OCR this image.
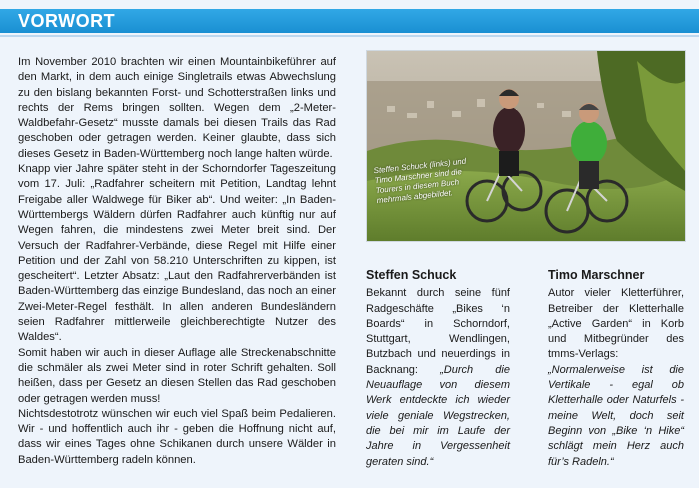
VORWORT

Im November 2010 brachten wir einen Mountainbikeführer auf den Markt, in dem auch einige Singletrails etwas Abwechslung zu den bislang bekannten Forst- und Schotterstraßen links und rechts der Rems bringen sollten. Wegen dem „2-Meter-Waldbefahr-Gesetz“ musste damals bei diesen Trails das Rad geschoben oder getragen werden. Keiner glaubte, dass sich dieses Gesetz in Baden-Württemberg noch lange halten würde.

Knapp vier Jahre später steht in der Schorndorfer Tageszeitung vom 17. Juli: „Radfahrer scheitern mit Petition, Landtag lehnt Freigabe aller Waldwege für Biker ab“. Und weiter: „In Baden-Württembergs Wäldern dürfen Radfahrer auch künftig nur auf Wegen fahren, die mindestens zwei Meter breit sind. Der Versuch der Radfahrer-Verbände, diese Regel mit Hilfe einer Petition und der Zahl von 58.210 Unterschriften zu kippen, ist gescheitert“. Letzter Absatz: „Laut den Radfahrerverbänden ist Baden-Württemberg das einzige Bundesland, das noch an einer Zwei-Meter-Regel festhält. In allen anderen Bundesländern seien Radfahrer mittlerweile gleichberechtigte Nutzer des Waldes“.

Somit haben wir auch in dieser Auflage alle Streckenabschnitte die schmäler als zwei Meter sind in roter Schrift gehalten. Soll heißen, dass per Gesetz an diesen Stellen das Rad geschoben oder getragen werden muss!

Nichtsdestotrotz wünschen wir euch viel Spaß beim Pedalieren. Wir - und hoffentlich auch ihr - geben die Hoffnung nicht auf, dass wir eines Tages ohne Schikanen durch unsere Wälder in Baden-Württemberg radeln können.

Steffen Schuck (links) und Timo Marschner sind die Tourers in diesem Buch mehrmals abgebildet.
Steffen Schuck
Bekannt durch seine fünf Radgeschäfte „Bikes ‘n Boards“ in Schorndorf, Stuttgart, Wendlingen, Butzbach und neuerdings in Backnang: „Durch die Neuauflage von diesem Werk entdeckte ich wieder viele geniale Wegstrecken, die bei mir im Laufe der Jahre in Vergessenheit geraten sind.“
Timo Marschner
Autor vieler Kletterführer, Betreiber der Kletterhalle „Active Garden“ in Korb und Mitbegründer des tmms-Verlags: „Normalerweise ist die Vertikale - egal ob Kletterhalle oder Naturfels - meine Welt, doch seit Beginn von „Bike ‘n Hike“ schlägt mein Herz auch für’s Radeln.“
